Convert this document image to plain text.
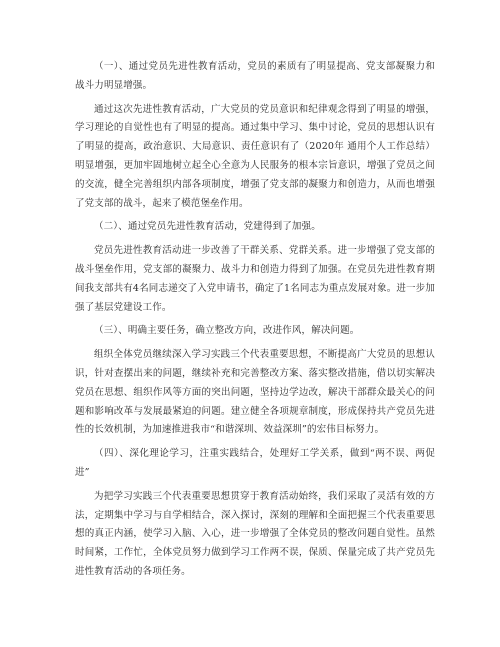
（一）、通过党员先进性教育活动，党员的素质有了明显提高、党支部凝聚力和战斗力明显增强。

通过这次先进性教育活动，广大党员的党员意识和纪律观念得到了明显的增强，学习理论的自觉性也有了明显的提高。通过集中学习、集中讨论，党员的思想认识有了明显的提高，政治意识、大局意识、责任意识有了（2020年 通用个人工作总结）明显增强，更加牢固地树立起全心全意为人民服务的根本宗旨意识，增强了党员之间的交流，健全完善组织内部各项制度，增强了党支部的凝聚力和创造力，从而也增强了党支部的战斗，起来了模范堡垒作用。

（二）、通过党员先进性教育活动，党建得到了加强。

党员先进性教育活动进一步改善了干群关系、党群关系。进一步增强了党支部的战斗堡垒作用，党支部的凝聚力、战斗力和创造力得到了加强。在党员先进性教育期间我支部共有4名同志递交了入党申请书，确定了1名同志为重点发展对象。进一步加强了基层党建设工作。

（三）、明确主要任务，确立整改方向，改进作风，解决问题。

组织全体党员继续深入学习实践三个代表重要思想，不断提高广大党员的思想认识，针对查摆出来的问题，继续补充和完善整改方案、落实整改措施，借以切实解决党员在思想、组织作风等方面的突出问题，坚持边学边改，解决干部群众最关心的问题和影响改革与发展最紧迫的问题。建立健全各项规章制度，形成保持共产党员先进性的长效机制，为加速推进我市“和谐深圳、效益深圳”的宏伟目标努力。

（四）、深化理论学习，注重实践结合，处理好工学关系，做到“两不误、两促进”

为把学习实践三个代表重要思想贯穿于教育活动始终，我们采取了灵活有效的方法，定期集中学习与自学相结合，深入探讨，深刻的理解和全面把握三个代表重要思想的真正内涵，使学习入脑、入心，进一步增强了全体党员的整改问题自觉性。虽然时间紧，工作忙，全体党员努力做到学习工作两不误，保质、保量完成了共产党员先进性教育活动的各项任务。
